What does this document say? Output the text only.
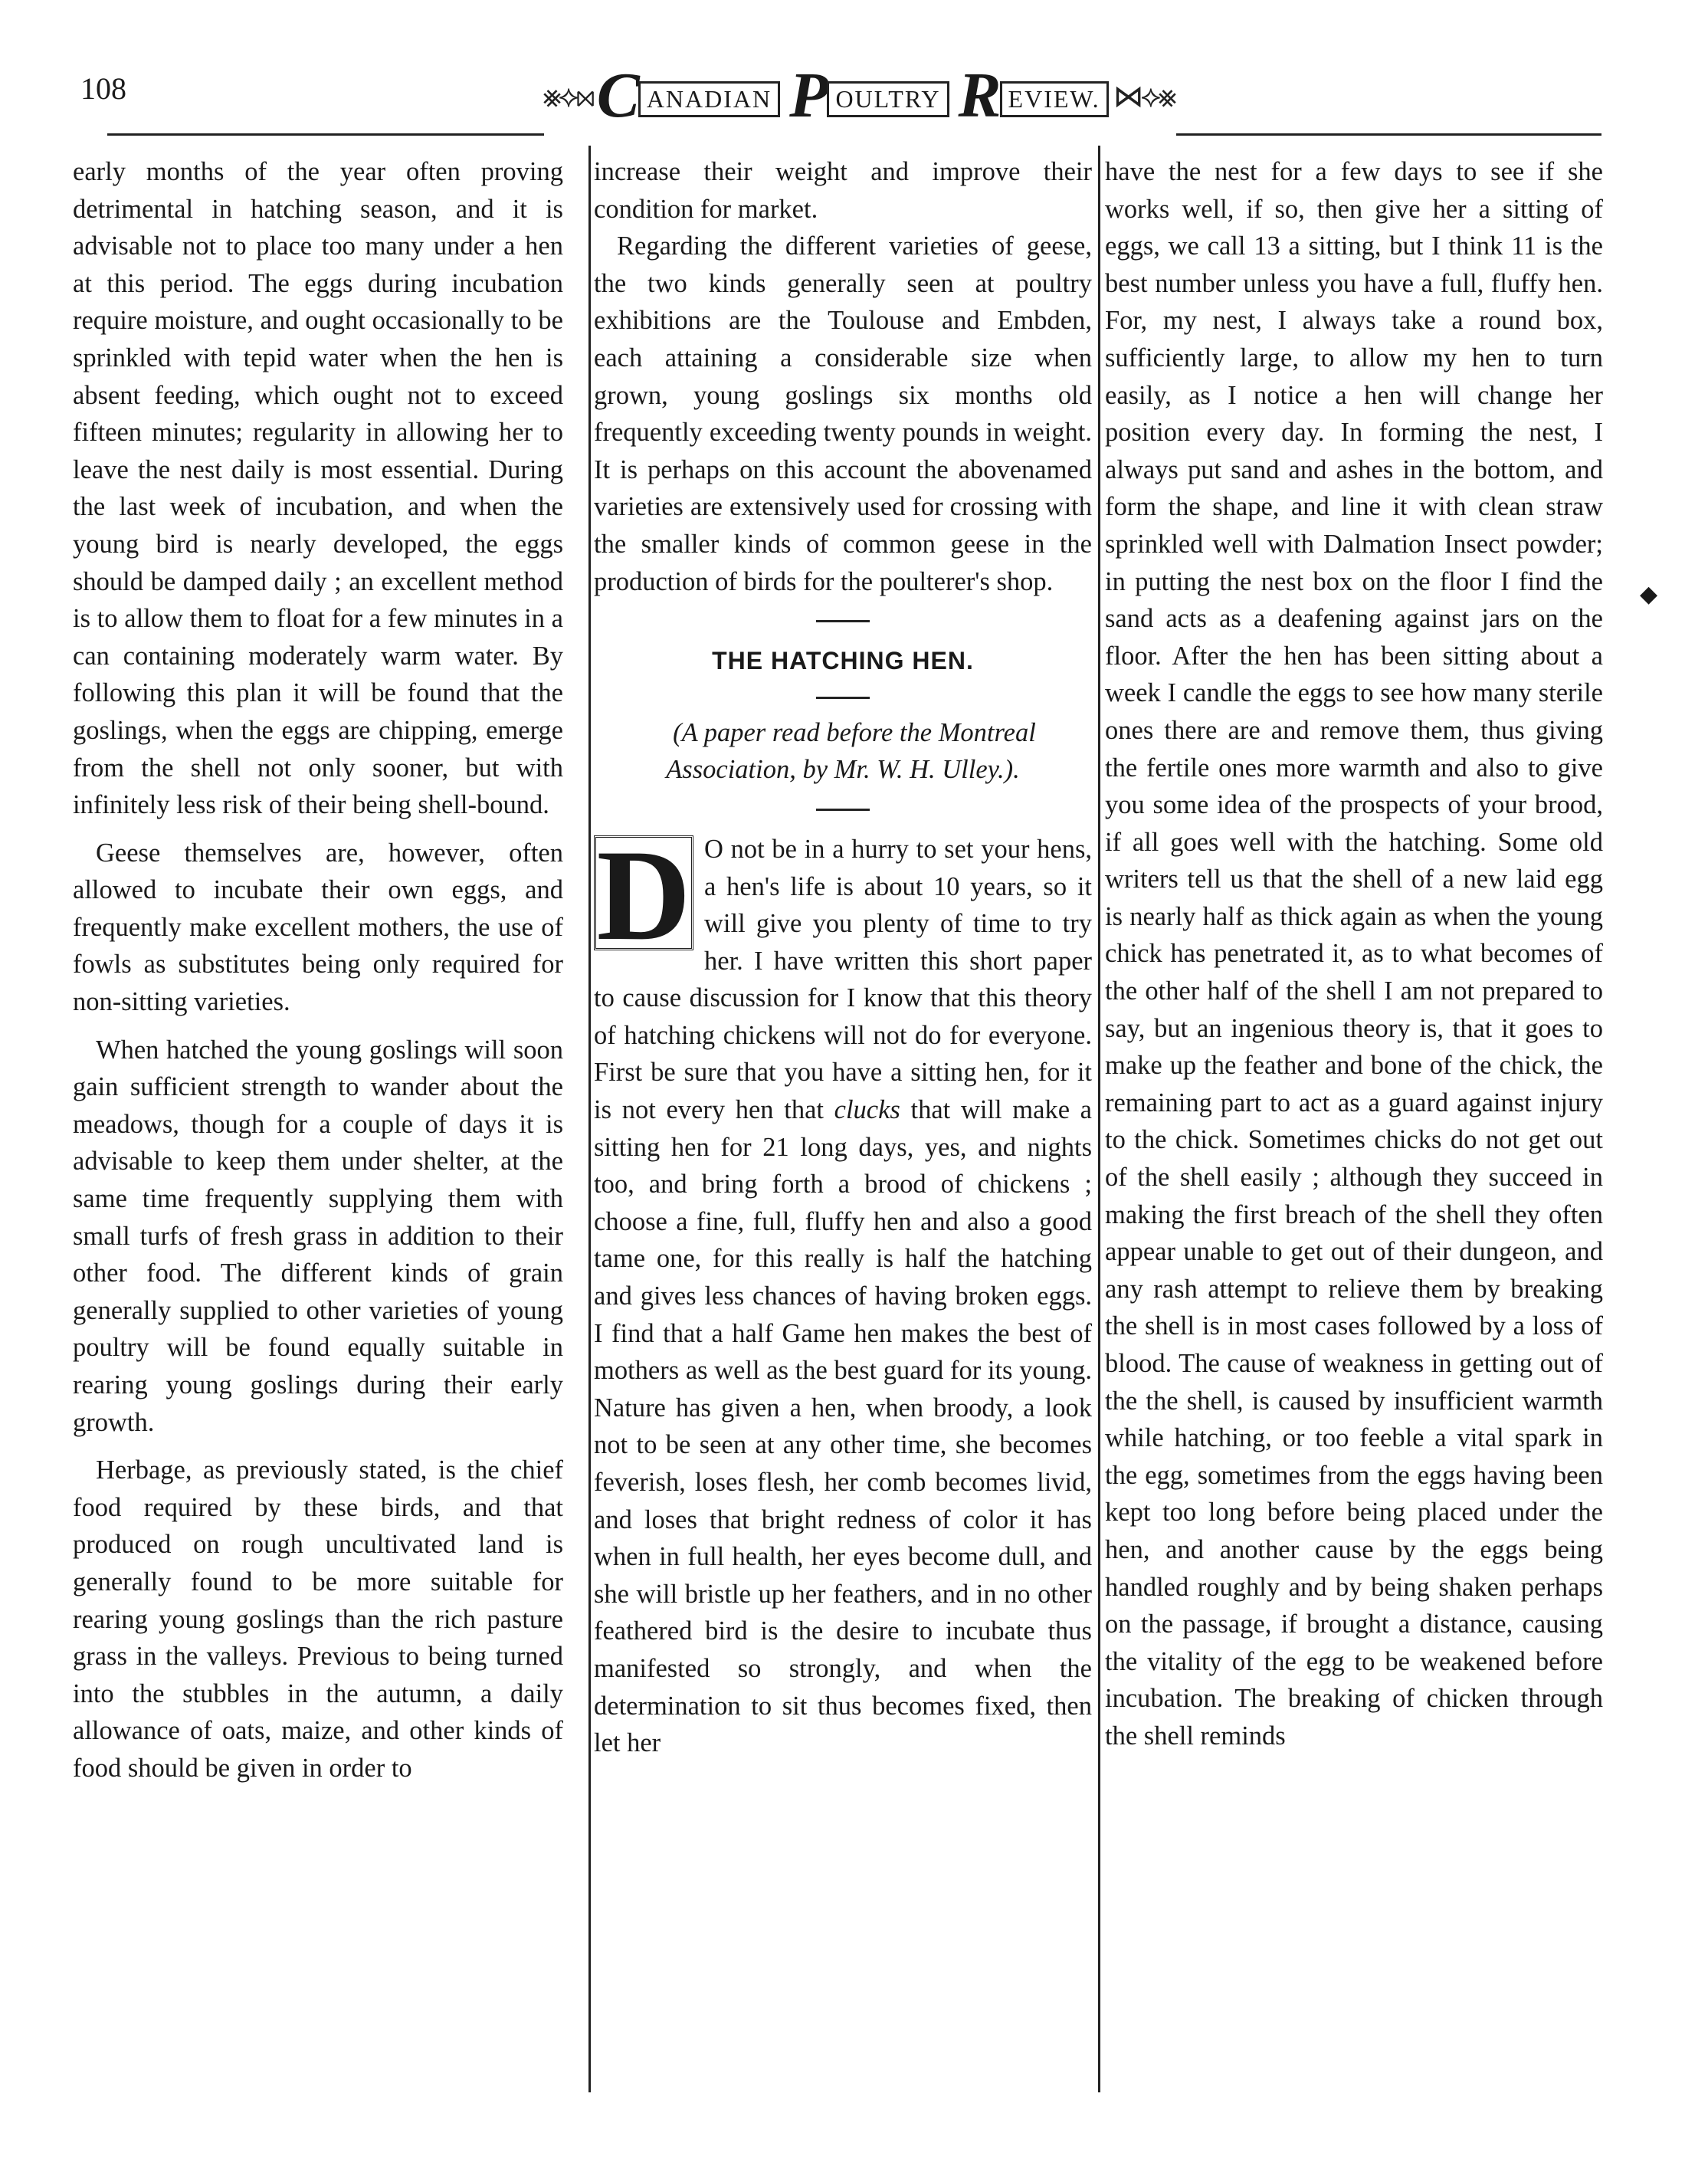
108	⨳⟡⋈ C ANADIAN P OULTRY R EVIEW. ⋈⟡⨳

early months of the year often proving detrimental in hatching season, and it is advisable not to place too many under a hen at this period. The eggs during incubation require moisture, and ought occasionally to be sprinkled with tepid water when the hen is absent feeding, which ought not to exceed fifteen minutes; regularity in allowing her to leave the nest daily is most essential. During the last week of incubation, and when the young bird is nearly developed, the eggs should be damped daily ; an excellent method is to allow them to float for a few minutes in a can containing moderately warm water. By following this plan it will be found that the goslings, when the eggs are chipping, emerge from the shell not only sooner, but with infinitely less risk of their being shell-bound.

Geese themselves are, however, often allowed to incubate their own eggs, and frequently make excellent mothers, the use of fowls as substitutes being only required for non-sitting varieties.

When hatched the young goslings will soon gain sufficient strength to wander about the meadows, though for a couple of days it is advisable to keep them under shelter, at the same time frequently supplying them with small turfs of fresh grass in addition to their other food. The different kinds of grain generally supplied to other varieties of young poultry will be found equally suitable in rearing young goslings during their early growth.

Herbage, as previously stated, is the chief food required by these birds, and that produced on rough uncultivated land is generally found to be more suitable for rearing young goslings than the rich pasture grass in the valleys. Previous to being turned into the stubbles in the autumn, a daily allowance of oats, maize, and other kinds of food should be given in order to

increase their weight and improve their condition for market.

Regarding the different varieties of geese, the two kinds generally seen at poultry exhibitions are the Toulouse and Embden, each attaining a considerable size when grown, young goslings six months old frequently exceeding twenty pounds in weight. It is perhaps on this account the abovenamed varieties are extensively used for crossing with the smaller kinds of common geese in the production of birds for the poulterer's shop.

THE HATCHING HEN.

(A paper read before the Montreal Association, by Mr. W. H. Ulley.).

D O not be in a hurry to set your hens, a hen's life is about 10 years, so it will give you plenty of time to try her. I have written this short paper to cause discussion for I know that this theory of hatching chickens will not do for everyone. First be sure that you have a sitting hen, for it is not every hen that clucks that will make a sitting hen for 21 long days, yes, and nights too, and bring forth a brood of chickens ; choose a fine, full, fluffy hen and also a good tame one, for this really is half the hatching and gives less chances of having broken eggs. I find that a half Game hen makes the best of mothers as well as the best guard for its young. Nature has given a hen, when broody, a look not to be seen at any other time, she becomes feverish, loses flesh, her comb becomes livid, and loses that bright redness of color it has when in full health, her eyes become dull, and she will bristle up her feathers, and in no other feathered bird is the desire to incubate thus manifested so strongly, and when the determination to sit thus becomes fixed, then let her

have the nest for a few days to see if she works well, if so, then give her a sitting of eggs, we call 13 a sitting, but I think 11 is the best number unless you have a full, fluffy hen. For, my nest, I always take a round box, sufficiently large, to allow my hen to turn easily, as I notice a hen will change her position every day. In forming the nest, I always put sand and ashes in the bottom, and form the shape, and line it with clean straw sprinkled well with Dalmation Insect powder; in putting the nest box on the floor I find the sand acts as a deafening against jars on the floor. After the hen has been sitting about a week I candle the eggs to see how many sterile ones there are and remove them, thus giving the fertile ones more warmth and also to give you some idea of the prospects of your brood, if all goes well with the hatching. Some old writers tell us that the shell of a new laid egg is nearly half as thick again as when the young chick has penetrated it, as to what becomes of the other half of the shell I am not prepared to say, but an ingenious theory is, that it goes to make up the feather and bone of the chick, the remaining part to act as a guard against injury to the chick. Sometimes chicks do not get out of the shell easily ; although they succeed in making the first breach of the shell they often appear unable to get out of their dungeon, and any rash attempt to relieve them by breaking the shell is in most cases followed by a loss of blood. The cause of weakness in getting out of the the shell, is caused by insufficient warmth while hatching, or too feeble a vital spark in the egg, sometimes from the eggs having been kept too long before being placed under the hen, and another cause by the eggs being handled roughly and by being shaken perhaps on the passage, if brought a distance, causing the vitality of the egg to be weakened before incubation. The breaking of chicken through the shell reminds

◆
